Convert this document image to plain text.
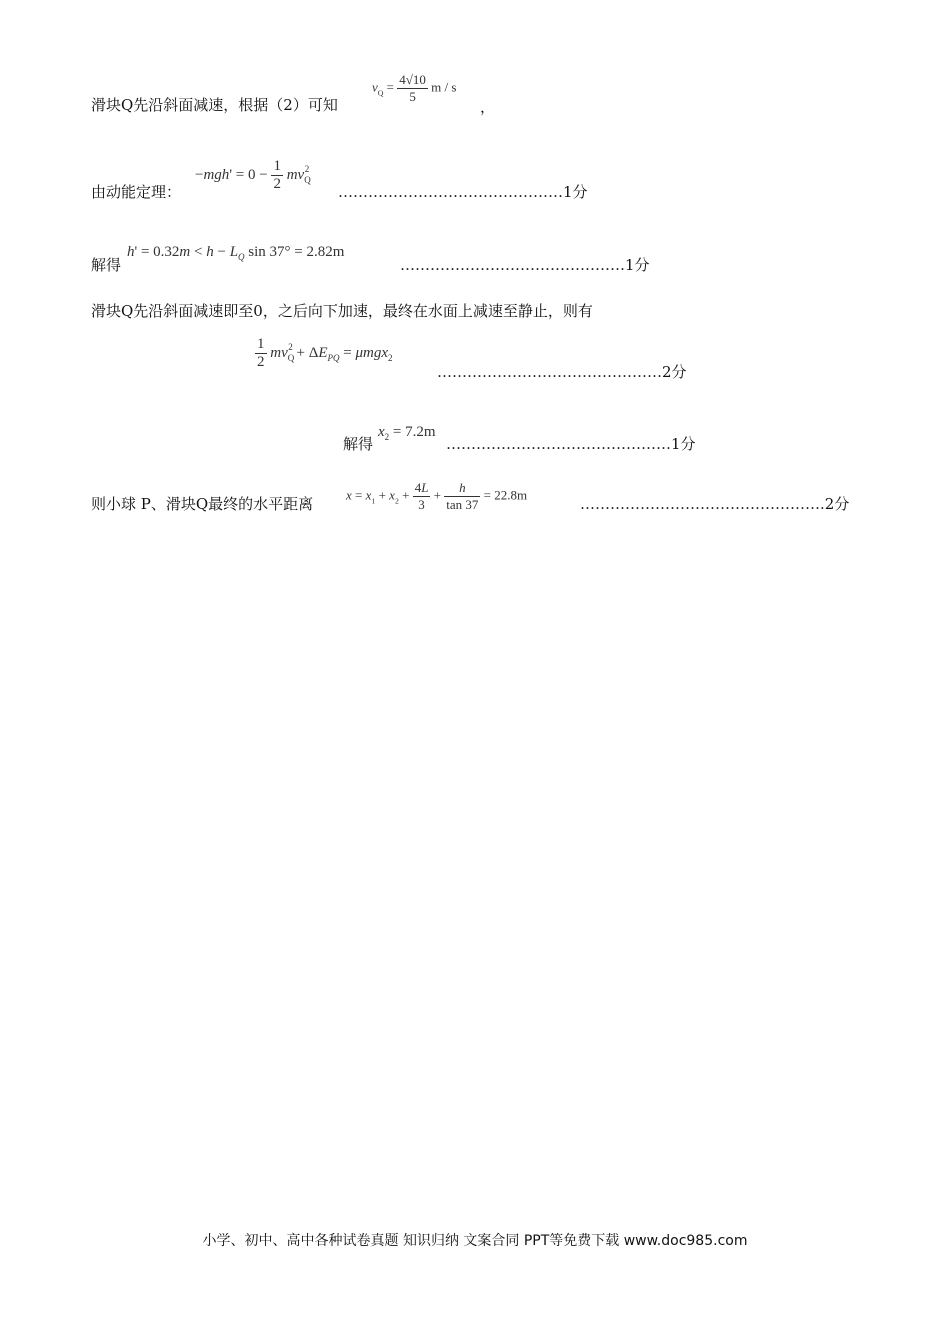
滑块Q先沿斜面减速，根据（2）可知
$v_Q = \frac{4√10}{5}$ m / s
，
由动能定理：
$-mgh' = 0 - \frac{1}{2} mv_Q^2$
………………………………………1分
解得
$h' = 0.32m < h - L_Q$ sin 37° = 2.82m
………………………………………1分
滑块Q先沿斜面减速即至0，之后向下加速，最终在水面上减速至静止，则有
$\frac{1}{2} mv_Q^2 + \Delta E_{PQ} = \mu mgx_2$
………………………………………2分
解得
$x_2 = 7.2m$
………………………………………1分
则小球 P、滑块Q最终的水平距离
$x = x_1 + x_2 + \frac{4L}{3} + \frac{h}{\tan 37} = 22.8m$
………………………………………….2分
小学、初中、高中各种试卷真题 知识归纳 文案合同 PPT等免费下载 www.doc985.com
